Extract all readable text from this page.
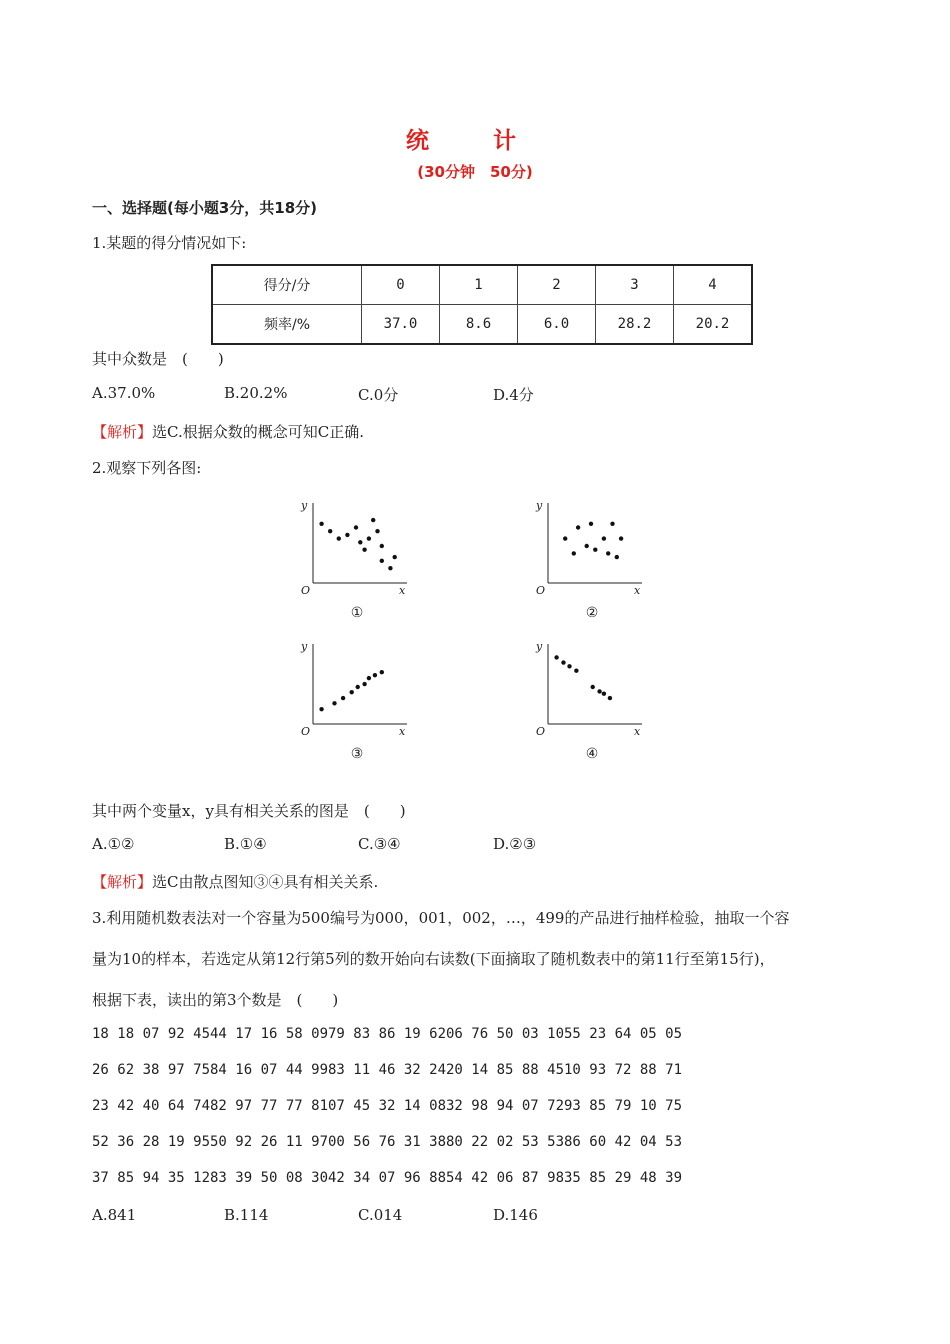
统 计
(30分钟　50分)
一、选择题(每小题3分，共18分)
1.某题的得分情况如下:
得分/分	0	1	2	3	4
频率/%	37.0	8.6	6.0	28.2	20.2
其中众数是　(　　)
A.37.0%	B.20.2%	C.0分	D.4分
【解析】选C.根据众数的概念可知C正确.
2.观察下列各图:
y
x
O
①
y
x
O
②
y
x
O
③
y
x
O
④
其中两个变量x，y具有相关关系的图是　(　　)
A.①②	B.①④	C.③④	D.②③
【解析】选C由散点图知③④具有相关关系.
3.利用随机数表法对一个容量为500编号为000，001，002，…，499的产品进行抽样检验，抽取一个容
量为10的样本，若选定从第12行第5列的数开始向右读数(下面摘取了随机数表中的第11行至第15行)，
根据下表，读出的第3个数是　(　　)
18 18 07 92 4544 17 16 58 0979 83 86 19 6206 76 50 03 1055 23 64 05 05
26 62 38 97 7584 16 07 44 9983 11 46 32 2420 14 85 88 4510 93 72 88 71
23 42 40 64 7482 97 77 77 8107 45 32 14 0832 98 94 07 7293 85 79 10 75
52 36 28 19 9550 92 26 11 9700 56 76 31 3880 22 02 53 5386 60 42 04 53
37 85 94 35 1283 39 50 08 3042 34 07 96 8854 42 06 87 9835 85 29 48 39
A.841	B.114	C.014	D.146
